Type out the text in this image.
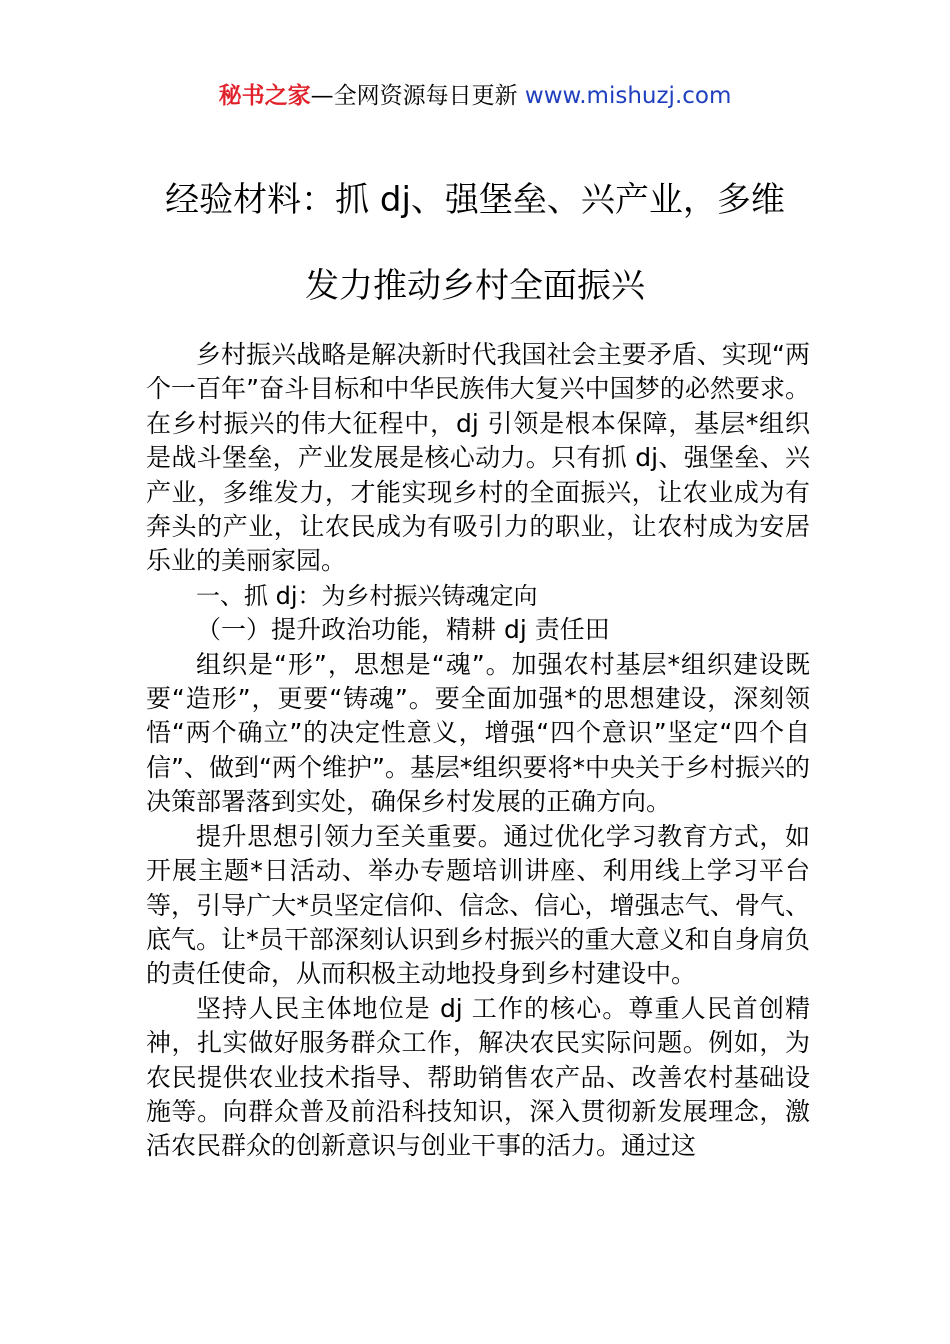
秘书之家—全网资源每日更新 www.mishuzj.com
经验材料：抓 dj、强堡垒、兴产业，多维
发力推动乡村全面振兴

乡村振兴战略是解决新时代我国社会主要矛盾、实现“两个一百年”奋斗目标和中华民族伟大复兴中国梦的必然要求。在乡村振兴的伟大征程中，dj 引领是根本保障，基层*组织是战斗堡垒，产业发展是核心动力。只有抓 dj、强堡垒、兴产业，多维发力，才能实现乡村的全面振兴，让农业成为有奔头的产业，让农民成为有吸引力的职业，让农村成为安居乐业的美丽家园。

一、抓 dj：为乡村振兴铸魂定向

（一）提升政治功能，精耕 dj 责任田

组织是“形”，思想是“魂”。加强农村基层*组织建设既要“造形”，更要“铸魂”。要全面加强*的思想建设，深刻领悟“两个确立”的决定性意义，增强“四个意识”坚定“四个自信”、做到“两个维护”。基层*组织要将*中央关于乡村振兴的决策部署落到实处，确保乡村发展的正确方向。

提升思想引领力至关重要。通过优化学习教育方式，如开展主题*日活动、举办专题培训讲座、利用线上学习平台等，引导广大*员坚定信仰、信念、信心，增强志气、骨气、底气。让*员干部深刻认识到乡村振兴的重大意义和自身肩负的责任使命，从而积极主动地投身到乡村建设中。

坚持人民主体地位是 dj 工作的核心。尊重人民首创精神，扎实做好服务群众工作，解决农民实际问题。例如，为农民提供农业技术指导、帮助销售农产品、改善农村基础设施等。向群众普及前沿科技知识，深入贯彻新发展理念，激活农民群众的创新意识与创业干事的活力。通过这
